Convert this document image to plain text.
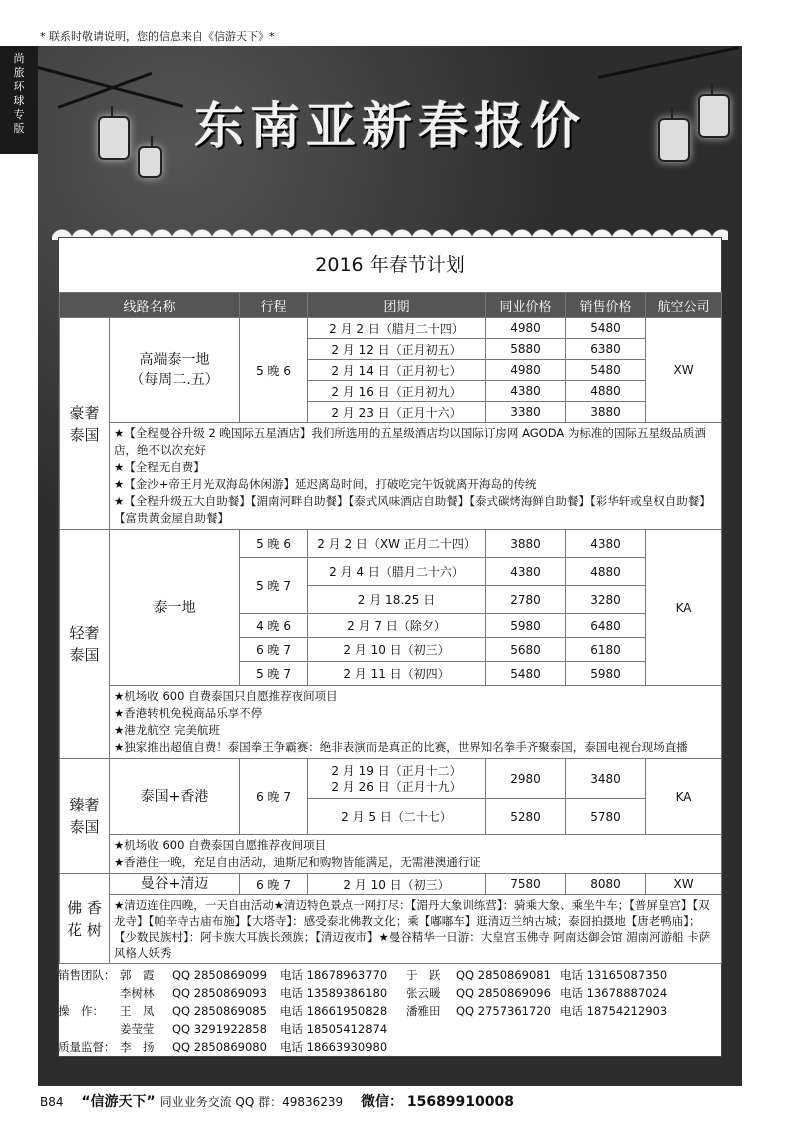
* 联系时敬请说明，您的信息来自《信游天下》*
尚
旅
环
球
专
版	东南亚新春报价
2016 年春节计划
线路名称		行程	团期	同业价格	销售价格	航空公司
豪奢
泰国	高端泰一地
（每周二.五）	5 晚 6	2 月 2 日（腊月二十四）	4980	5480	XW
			2 月 12 日（正月初五）	5880	6380	
			2 月 14 日（正月初七）	4980	5480	
			2 月 16 日（正月初九）	4380	4880	
			2 月 23 日（正月十六）	3380	3880	
	★【全程曼谷升级 2 晚国际五星酒店】我们所选用的五星级酒店均以国际订房网 AGODA 为标准的国际五星级品质酒店，绝不以次充好
★【全程无自费】
★【金沙+帝王月光双海岛休闲游】延迟离岛时间，打破吃完午饭就离开海岛的传统
★【全程升级五大自助餐】【湄南河畔自助餐】【泰式风味酒店自助餐】【泰式碳烤海鲜自助餐】【彩华轩或皇权自助餐】【富贵黄金屋自助餐】					
轻奢
泰国	泰一地	5 晚 6	2 月 2 日（XW 正月二十四）	3880	4380	KA
		5 晚 7	2 月 4 日（腊月二十六）	4380	4880	
			2 月 18.25 日	2780	3280	
		4 晚 6	2 月 7 日（除夕）	5980	6480	
		6 晚 7	2 月 10 日（初三）	5680	6180	
		5 晚 7	2 月 11 日（初四）	5480	5980	
	★机场收 600 自费泰国只自愿推荐夜间项目
★香港转机免税商品乐享不停
★港龙航空 完美航班
★独家推出超值自费！泰国拳王争霸赛：绝非表演而是真正的比赛，世界知名拳手齐聚泰国，泰国电视台现场直播					
臻奢
泰国	泰国+香港	6 晚 7	2 月 19 日（正月十二）
2 月 26 日（正月十九）	2980	3480	KA
			2 月 5 日（二十七）	5280	5780	
	★机场收 600 自费泰国自愿推荐夜间项目
★香港住一晚，充足自由活动，迪斯尼和购物皆能满足，无需港澳通行证					
佛 香
花 树	曼谷+清迈	6 晚 7	2 月 10 日（初三）	7580	8080	XW
	★清迈连住四晚，一天自由活动★清迈特色景点一网打尽：【湄丹大象训练营】：骑乘大象、乘坐牛车；【普屏皇宫】【双龙寺】【帕辛寺古庙布施】【大塔寺】：感受泰北佛教文化；乘【嘟嘟车】逛清迈兰纳古城；泰囧拍摄地【唐老鸭庙】；【少数民族村】：阿卡族大耳族长颈族；【清迈夜市】★曼谷精华一日游：大皇宫玉佛寺 阿南达御会馆 湄南河游船 卡萨风格人妖秀					
销售团队： 郭　霞	QQ 2850869099	电话 18678963770	于　跃	QQ 2850869081 电话 13165087350
李树林	QQ 2850869093	电话 13589386180	张云暖	QQ 2850869096 电话 13678887024
操　作：	王　凤	QQ 2850869085	电话 18661950828	潘雅田	QQ 2757361720 电话 18754212903
姜莹莹	QQ 3291922858	电话 18505412874
质量监督： 李　扬	QQ 2850869080	电话 18663930980
B84 “信游天下” 同业业务交流 QQ 群：49836239 微信： 15689910008
